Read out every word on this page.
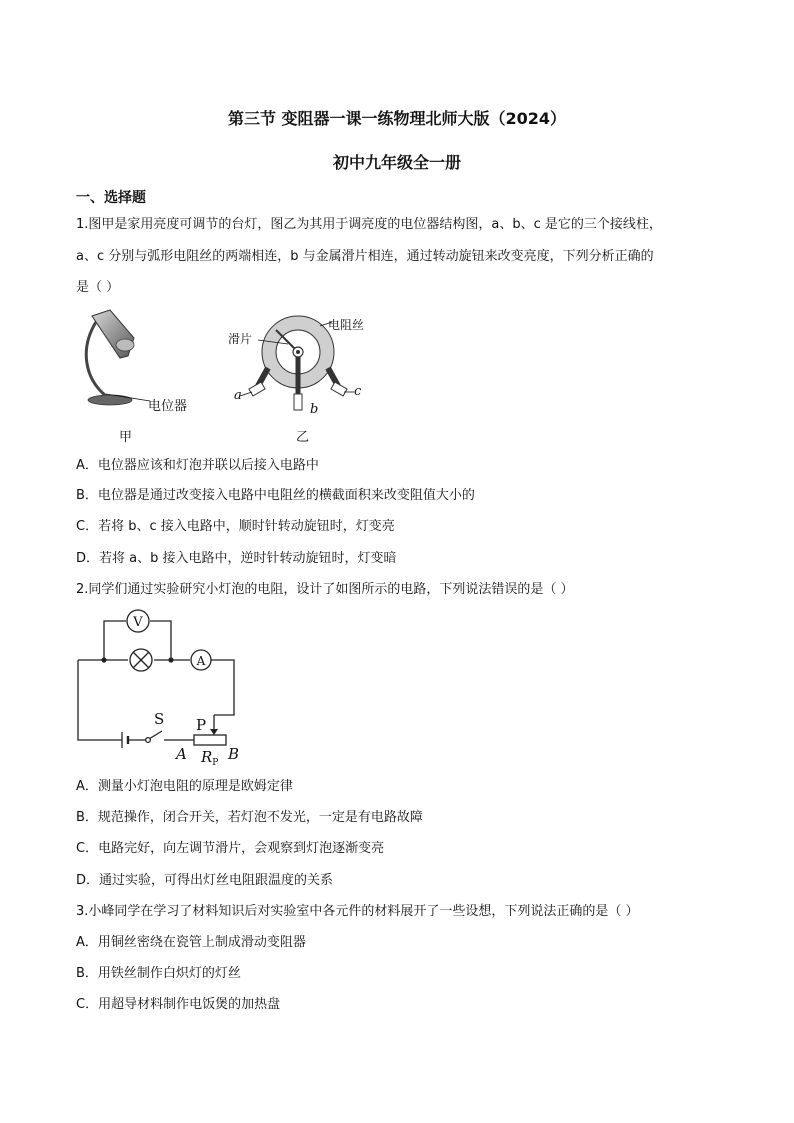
第三节 变阻器一课一练物理北师大版（2024）
初中九年级全一册
一、选择题
1.图甲是家用亮度可调节的台灯，图乙为其用于调亮度的电位器结构图，a、b、c 是它的三个接线柱，
a、c 分别与弧形电阻丝的两端相连，b 与金属滑片相连，通过转动旋钮来改变亮度，下列分析正确的
是（ ）
电位器
甲
滑片
电阻丝
a
b
c
乙
A．电位器应该和灯泡并联以后接入电路中
B．电位器是通过改变接入电路中电阻丝的横截面积来改变阻值大小的
C．若将 b、c 接入电路中，顺时针转动旋钮时，灯变亮
D．若将 a、b 接入电路中，逆时针转动旋钮时，灯变暗
2.同学们通过实验研究小灯泡的电阻，设计了如图所示的电路，下列说法错误的是（ ）
V
A
S P
A	B
$R_P$
A．测量小灯泡电阻的原理是欧姆定律
B．规范操作，闭合开关，若灯泡不发光，一定是有电路故障
C．电路完好，向左调节滑片，会观察到灯泡逐渐变亮
D．通过实验，可得出灯丝电阻跟温度的关系
3.小峰同学在学习了材料知识后对实验室中各元件的材料展开了一些设想，下列说法正确的是（ ）
A．用铜丝密绕在瓷管上制成滑动变阻器
B．用铁丝制作白炽灯的灯丝
C．用超导材料制作电饭煲的加热盘
